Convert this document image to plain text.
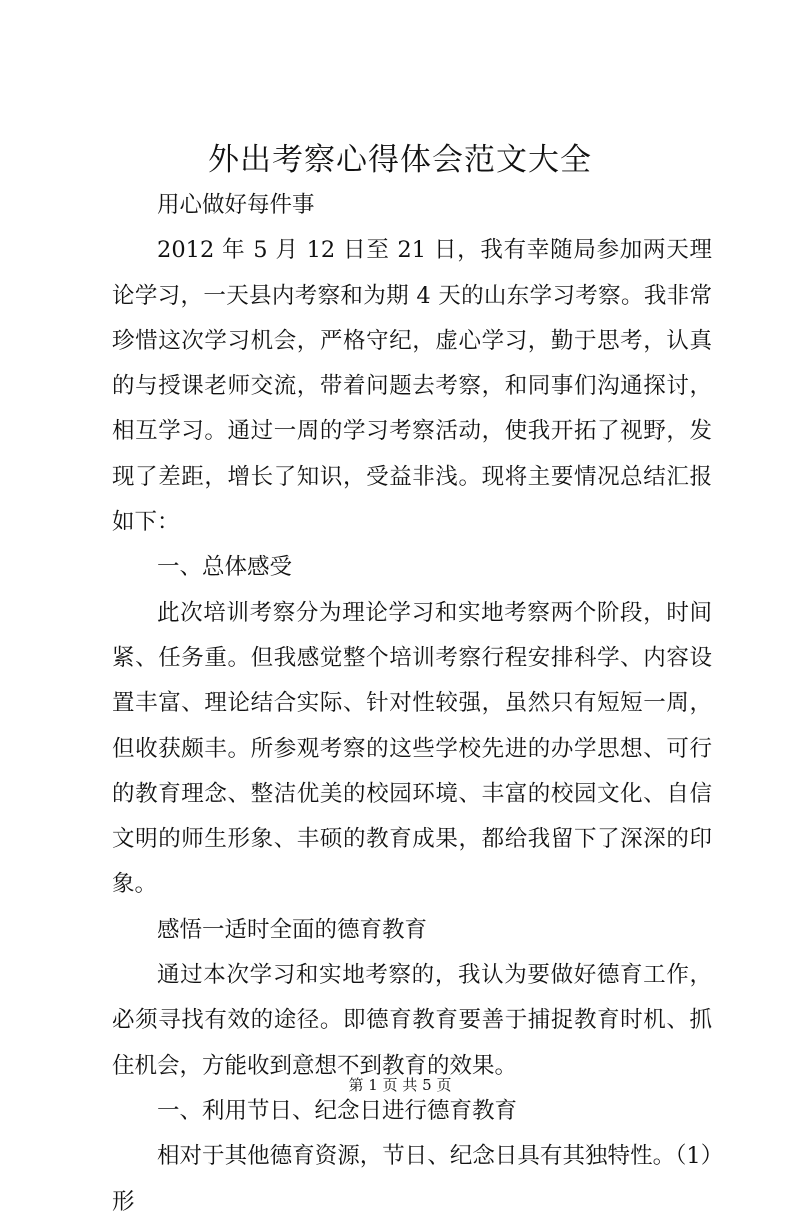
外出考察心得体会范文大全

用心做好每件事

2012 年 5 月 12 日至 21 日，我有幸随局参加两天理论学习，一天县内考察和为期 4 天的山东学习考察。我非常珍惜这次学习机会，严格守纪，虚心学习，勤于思考，认真的与授课老师交流，带着问题去考察，和同事们沟通探讨，相互学习。通过一周的学习考察活动，使我开拓了视野，发现了差距，增长了知识，受益非浅。现将主要情况总结汇报如下：

一、总体感受

此次培训考察分为理论学习和实地考察两个阶段，时间紧、任务重。但我感觉整个培训考察行程安排科学、内容设置丰富、理论结合实际、针对性较强，虽然只有短短一周，但收获颇丰。所参观考察的这些学校先进的办学思想、可行的教育理念、整洁优美的校园环境、丰富的校园文化、自信文明的师生形象、丰硕的教育成果，都给我留下了深深的印象。

感悟一适时全面的德育教育

通过本次学习和实地考察的，我认为要做好德育工作，必须寻找有效的途径。即德育教育要善于捕捉教育时机、抓住机会，方能收到意想不到教育的效果。

一、利用节日、纪念日进行德育教育

相对于其他德育资源，节日、纪念日具有其独特性。（1）形

第 1 页 共 5 页
